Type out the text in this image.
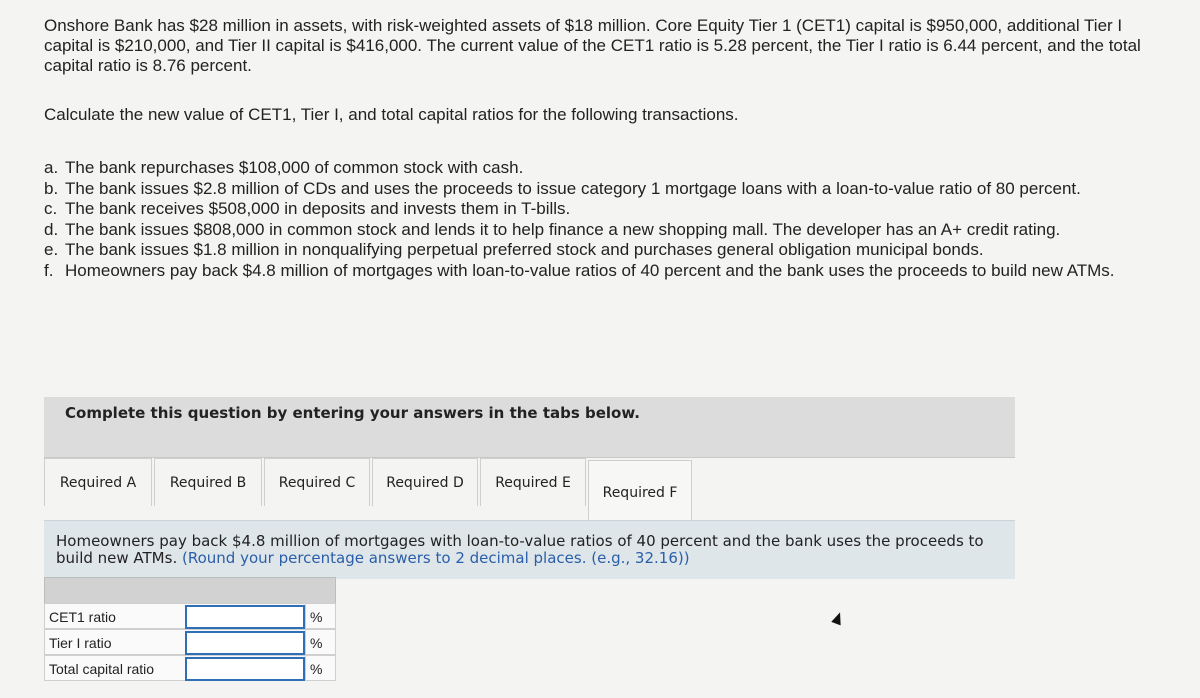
Onshore Bank has $28 million in assets, with risk-weighted assets of $18 million. Core Equity Tier 1 (CET1) capital is $950,000, additional Tier I capital is $210,000, and Tier II capital is $416,000. The current value of the CET1 ratio is 5.28 percent, the Tier I ratio is 6.44 percent, and the total capital ratio is 8.76 percent.
Calculate the new value of CET1, Tier I, and total capital ratios for the following transactions.
a. The bank repurchases $108,000 of common stock with cash.
b. The bank issues $2.8 million of CDs and uses the proceeds to issue category 1 mortgage loans with a loan-to-value ratio of 80 percent.
c. The bank receives $508,000 in deposits and invests them in T-bills.
d. The bank issues $808,000 in common stock and lends it to help finance a new shopping mall. The developer has an A+ credit rating.
e. The bank issues $1.8 million in nonqualifying perpetual preferred stock and purchases general obligation municipal bonds.
f. Homeowners pay back $4.8 million of mortgages with loan-to-value ratios of 40 percent and the bank uses the proceeds to build new ATMs.
Complete this question by entering your answers in the tabs below.
Required A	Required B	Required C	Required D	Required E
Required F
Homeowners pay back $4.8 million of mortgages with loan-to-value ratios of 40 percent and the bank uses the proceeds to build new ATMs. (Round your percentage answers to 2 decimal places. (e.g., 32.16))
CET1 ratio	%
Tier I ratio	%
Total capital ratio	%
